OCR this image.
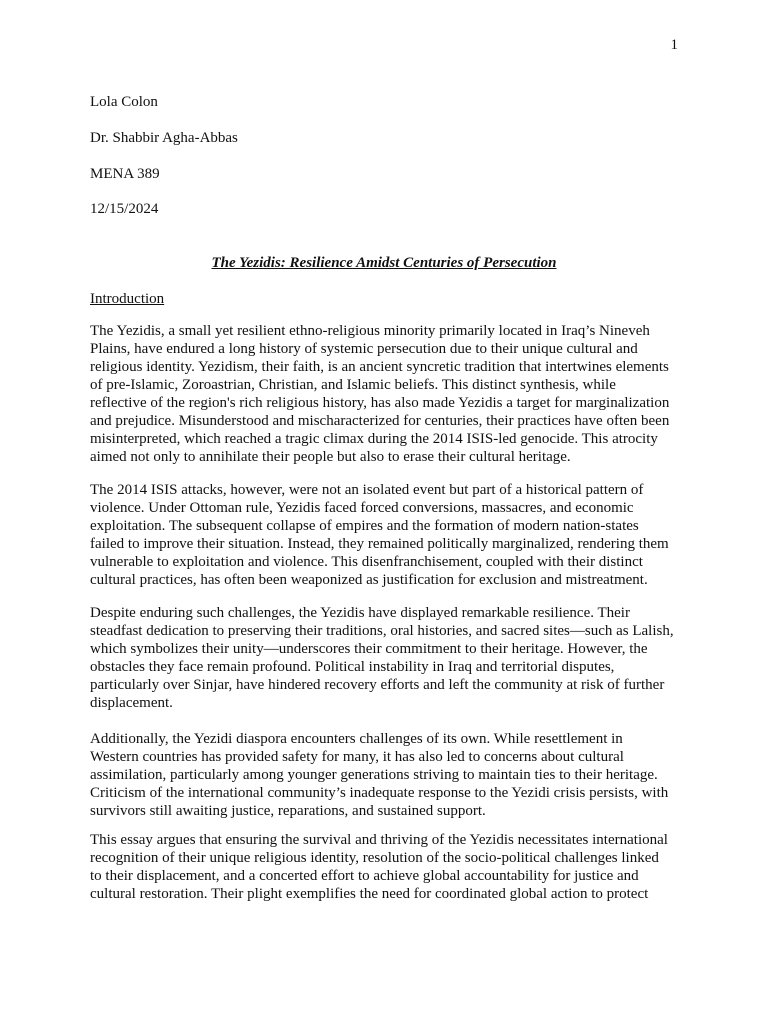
1
Lola Colon
Dr. Shabbir Agha-Abbas
MENA 389
12/15/2024
The Yezidis: Resilience Amidst Centuries of Persecution
Introduction
The Yezidis, a small yet resilient ethno-religious minority primarily located in Iraq’s Nineveh
Plains, have endured a long history of systemic persecution due to their unique cultural and
religious identity. Yezidism, their faith, is an ancient syncretic tradition that intertwines elements
of pre-Islamic, Zoroastrian, Christian, and Islamic beliefs. This distinct synthesis, while
reflective of the region's rich religious history, has also made Yezidis a target for marginalization
and prejudice. Misunderstood and mischaracterized for centuries, their practices have often been
misinterpreted, which reached a tragic climax during the 2014 ISIS-led genocide. This atrocity
aimed not only to annihilate their people but also to erase their cultural heritage.
The 2014 ISIS attacks, however, were not an isolated event but part of a historical pattern of
violence. Under Ottoman rule, Yezidis faced forced conversions, massacres, and economic
exploitation. The subsequent collapse of empires and the formation of modern nation-states
failed to improve their situation. Instead, they remained politically marginalized, rendering them
vulnerable to exploitation and violence. This disenfranchisement, coupled with their distinct
cultural practices, has often been weaponized as justification for exclusion and mistreatment.
Despite enduring such challenges, the Yezidis have displayed remarkable resilience. Their
steadfast dedication to preserving their traditions, oral histories, and sacred sites—such as Lalish,
which symbolizes their unity—underscores their commitment to their heritage. However, the
obstacles they face remain profound. Political instability in Iraq and territorial disputes,
particularly over Sinjar, have hindered recovery efforts and left the community at risk of further
displacement.
Additionally, the Yezidi diaspora encounters challenges of its own. While resettlement in
Western countries has provided safety for many, it has also led to concerns about cultural
assimilation, particularly among younger generations striving to maintain ties to their heritage.
Criticism of the international community’s inadequate response to the Yezidi crisis persists, with
survivors still awaiting justice, reparations, and sustained support.
This essay argues that ensuring the survival and thriving of the Yezidis necessitates international
recognition of their unique religious identity, resolution of the socio-political challenges linked
to their displacement, and a concerted effort to achieve global accountability for justice and
cultural restoration. Their plight exemplifies the need for coordinated global action to protect
